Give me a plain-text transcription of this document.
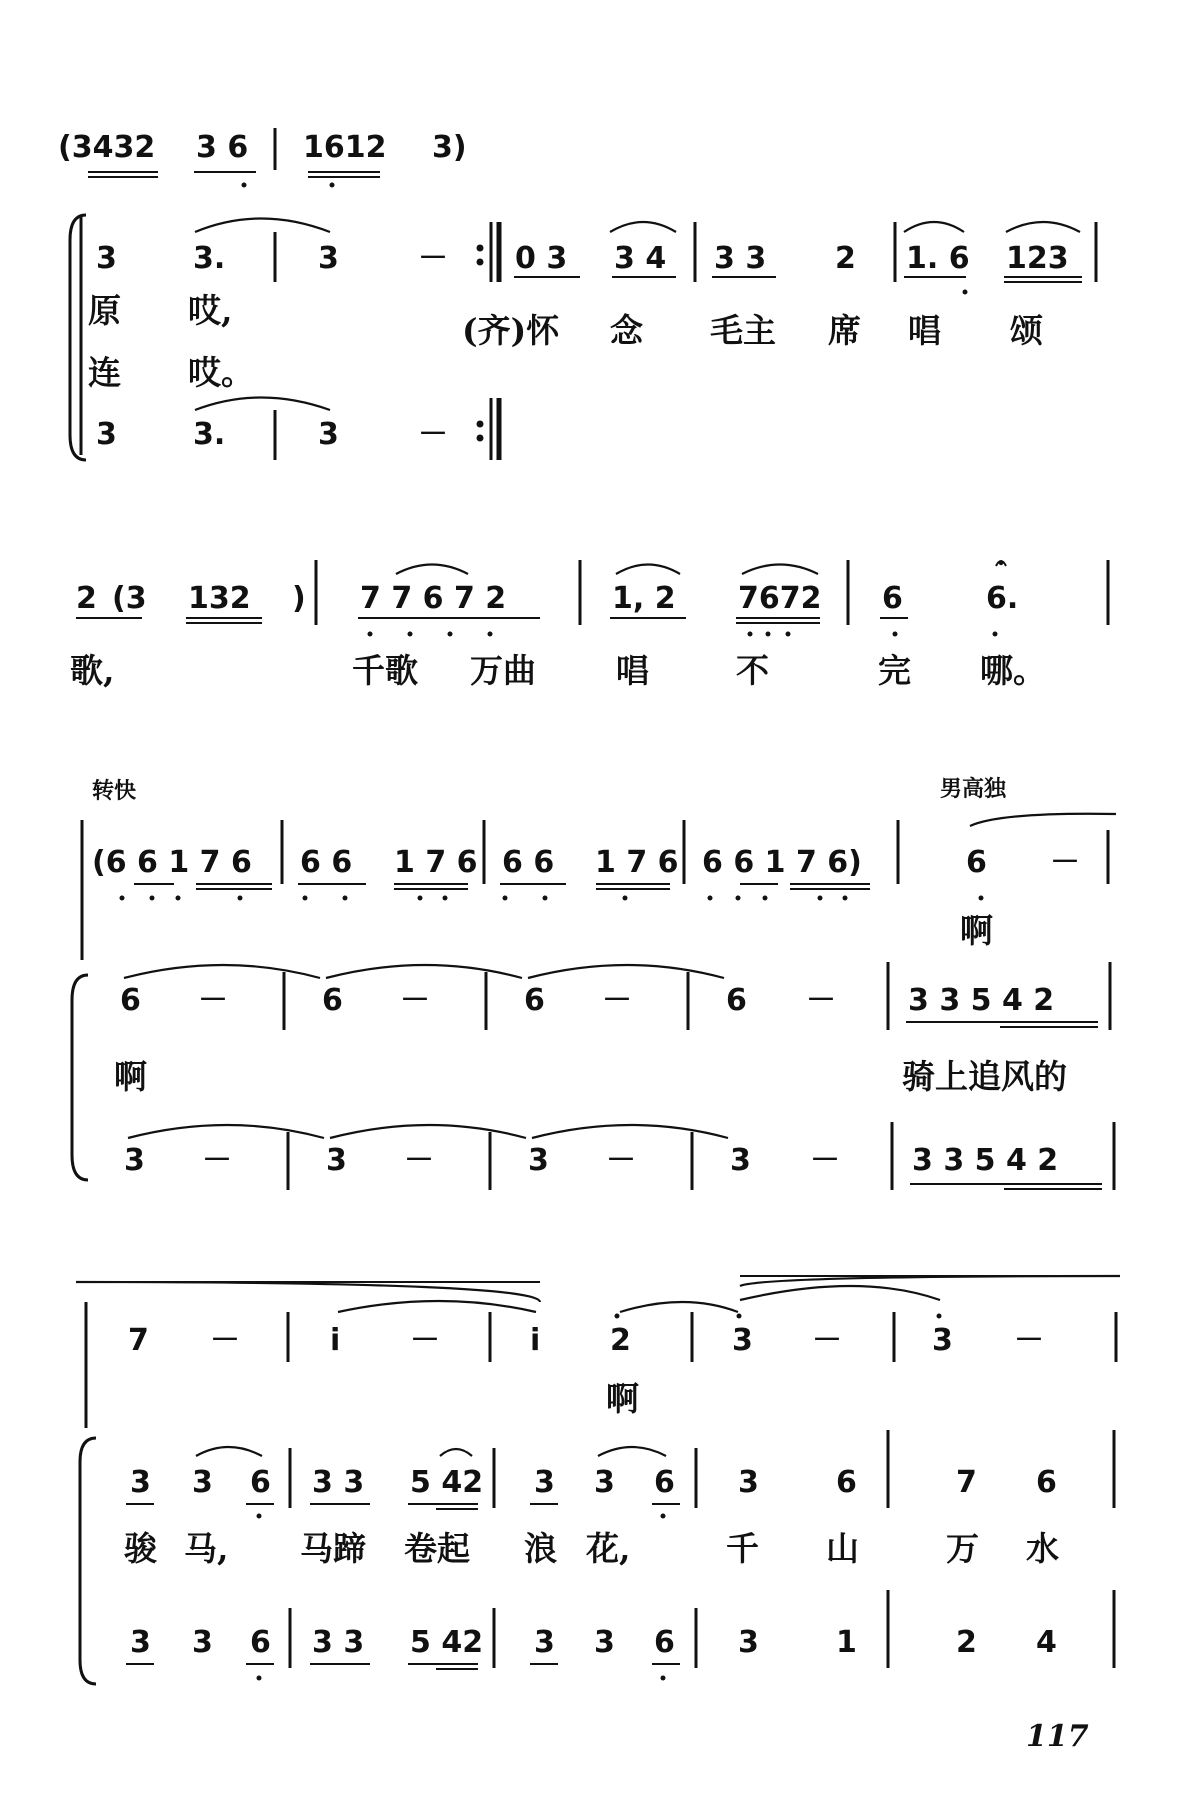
(3432 3 6 1612 3)
3	3.	3	－ 0 3 3 4 3 3 2 1. 6 123
原 哎,
(齐)怀 念 毛主 席 唱 颂
连 哎。
3	3.	3	－
2 (3 132 ) 7 7 6 7 2	1, 2 7672 6	6.
歌,	千歌 万曲 唱	不	完 哪。
转快	男高独
(6 6 1 7 6 6 6 1 7 6 6 6 1 7 6 6 6 1 7 6)	6 －
啊
6 －	6 －	6 －	6 － 3 3 5 4 2
啊	骑上追风的
3 －	3 －	3 －	3 － 3 3 5 4 2
7 －	i －	i 2	3 －	3 －
啊
3 3 6 3 3 5 42 3 3 6 3	6	7 6
骏 马, 马蹄 卷起 浪 花,	千 山	万 水
3 3 6 3 3 5 42 3 3 6 3	1	2 4
117
